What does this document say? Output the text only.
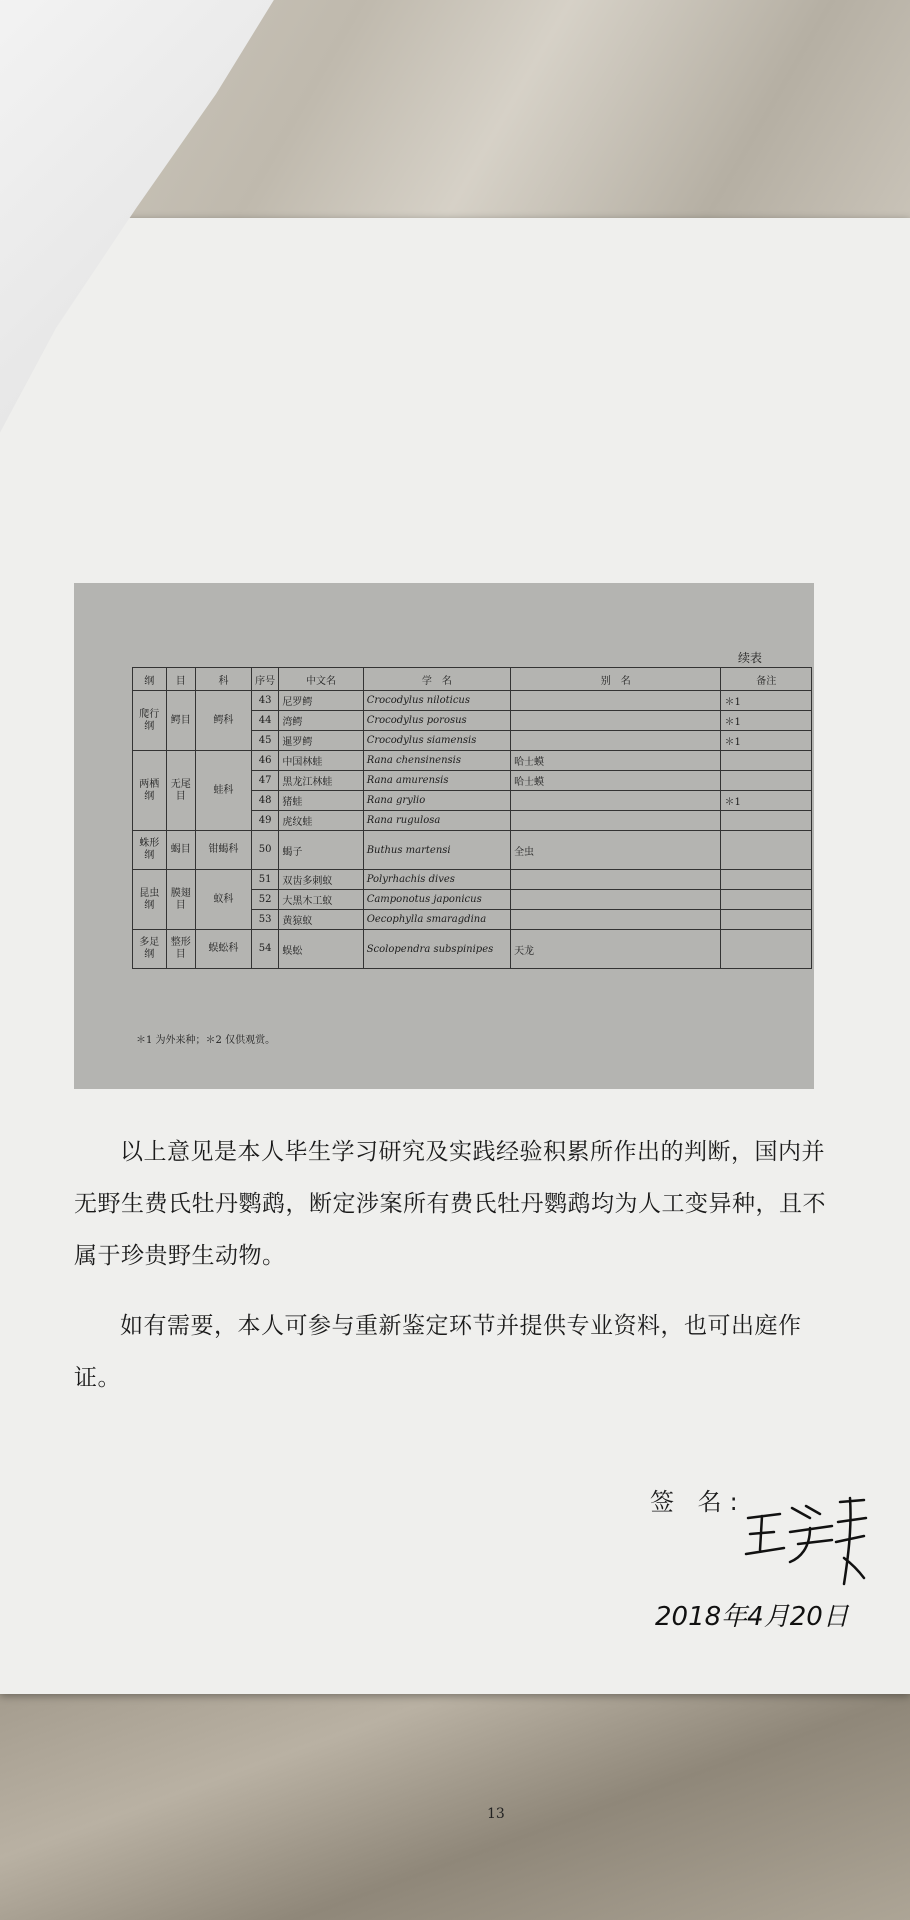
续表
纲	目	科	序号	中文名	学　名	别　名	备注
爬行纲	鳄目	鳄科	43	尼罗鳄	Crocodylus niloticus		＊1
			44	湾鳄	Crocodylus porosus		＊1
			45	暹罗鳄	Crocodylus siamensis		＊1
两栖纲	无尾目	蛙科	46	中国林蛙	Rana chensinensis	哈士蟆	
			47	黑龙江林蛙	Rana amurensis	哈士蟆	
			48	猪蛙	Rana grylio		＊1
			49	虎纹蛙	Rana rugulosa		
蛛形纲	蝎目	钳蝎科	50	蝎子	Buthus martensi	全虫	
昆虫纲	膜翅目	蚁科	51	双齿多刺蚁	Polyrhachis dives		
			52	大黑木工蚁	Camponotus japonicus		
			53	黄猄蚁	Oecophylla smaragdina		
多足纲	整形目	蜈蚣科	54	蜈蚣	Scolopendra subspinipes	天龙	
＊1 为外来种；＊2 仅供观赏。
以上意见是本人毕生学习研究及实践经验积累所作出的判断，国内并无野生费氏牡丹鹦鹉，断定涉案所有费氏牡丹鹦鹉均为人工变异种，且不属于珍贵野生动物。
如有需要，本人可参与重新鉴定环节并提供专业资料，也可出庭作证。
签 名:
2018年4月20日
13
